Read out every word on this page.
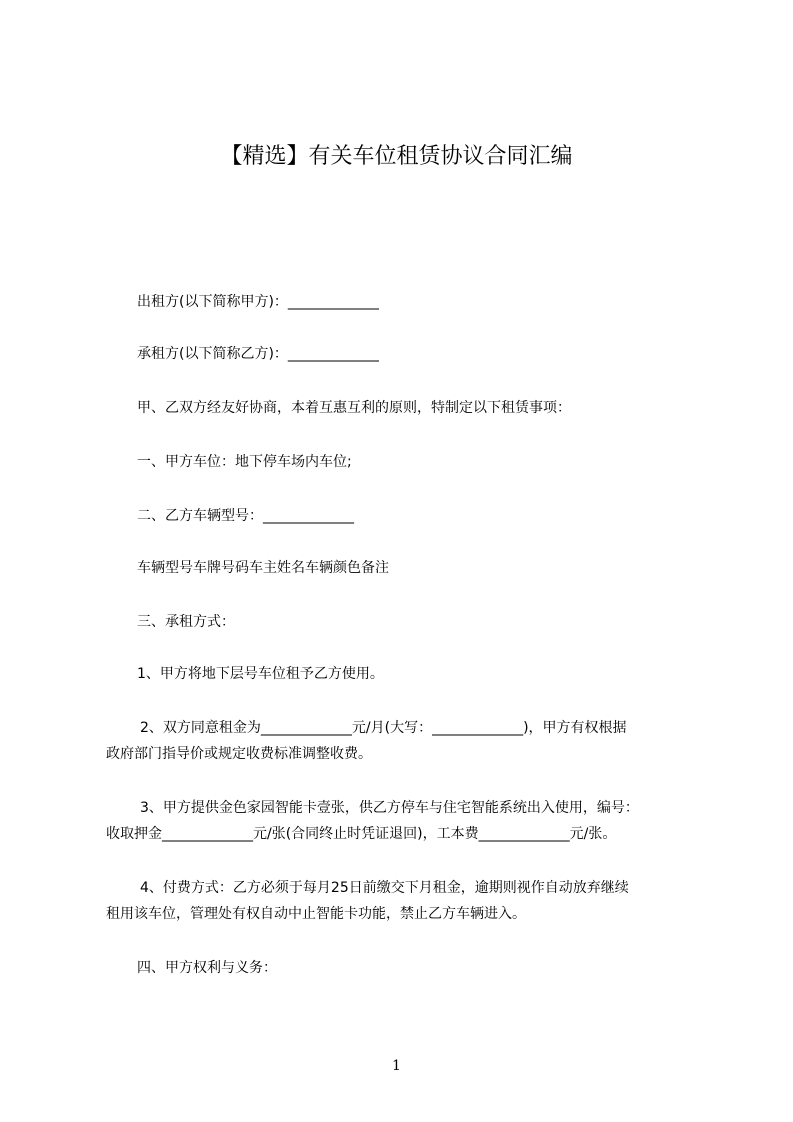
【精选】有关车位租赁协议合同汇编
出租方(以下简称甲方)：_____________
承租方(以下简称乙方)：_____________
甲、乙双方经友好协商，本着互惠互利的原则，特制定以下租赁事项：
一、甲方车位：地下停车场内车位;
二、乙方车辆型号：_____________
车辆型号车牌号码车主姓名车辆颜色备注
三、承租方式：
1、甲方将地下层号车位租予乙方使用。
2、双方同意租金为_____________元/月(大写：_____________)，甲方有权根据
政府部门指导价或规定收费标准调整收费。
3、甲方提供金色家园智能卡壹张，供乙方停车与住宅智能系统出入使用，编号：
收取押金_____________元/张(合同终止时凭证退回)，工本费_____________元/张。
4、付费方式：乙方必须于每月25日前缴交下月租金，逾期则视作自动放弃继续
租用该车位，管理处有权自动中止智能卡功能，禁止乙方车辆进入。
四、甲方权利与义务：
1
